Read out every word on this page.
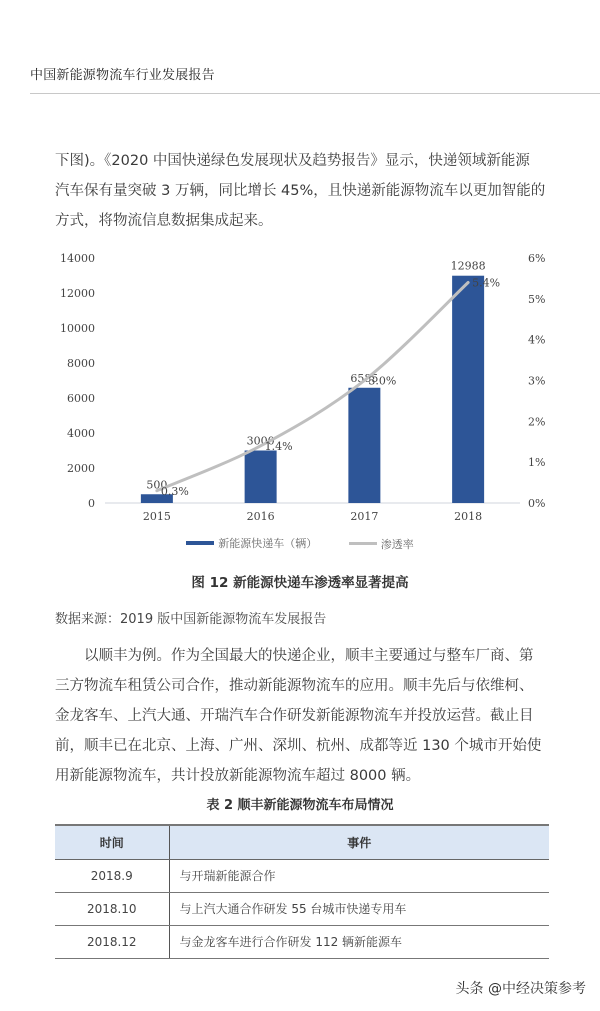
中国新能源物流车行业发展报告
下图)。《2020 中国快递绿色发展现状及趋势报告》显示，快递领域新能源
汽车保有量突破 3 万辆，同比增长 45%，且快递新能源物流车以更加智能的
方式，将物流信息数据集成起来。
0
2000
4000
6000
8000
10000
12000
14000
0%
1%
2%
3%
4%
5%
6%
500
2015
3000
2016
6585
2017
12988
2018
0.3%
1.4%
3.0%
5.4%
新能源快递车（辆）
	渗透率
图 12 新能源快递车渗透率显著提高
数据来源：2019 版中国新能源物流车发展报告
以顺丰为例。作为全国最大的快递企业，顺丰主要通过与整车厂商、第
三方物流车租赁公司合作，推动新能源物流车的应用。顺丰先后与依维柯、
金龙客车、上汽大通、开瑞汽车合作研发新能源物流车并投放运营。截止目
前，顺丰已在北京、上海、广州、深圳、杭州、成都等近 130 个城市开始使
用新能源物流车，共计投放新能源物流车超过 8000 辆。
表 2 顺丰新能源物流车布局情况
时间	事件
2018.9	与开瑞新能源合作
2018.10	与上汽大通合作研发 55 台城市快递专用车
2018.12	与金龙客车进行合作研发 112 辆新能源车
头条 @中经决策参考
